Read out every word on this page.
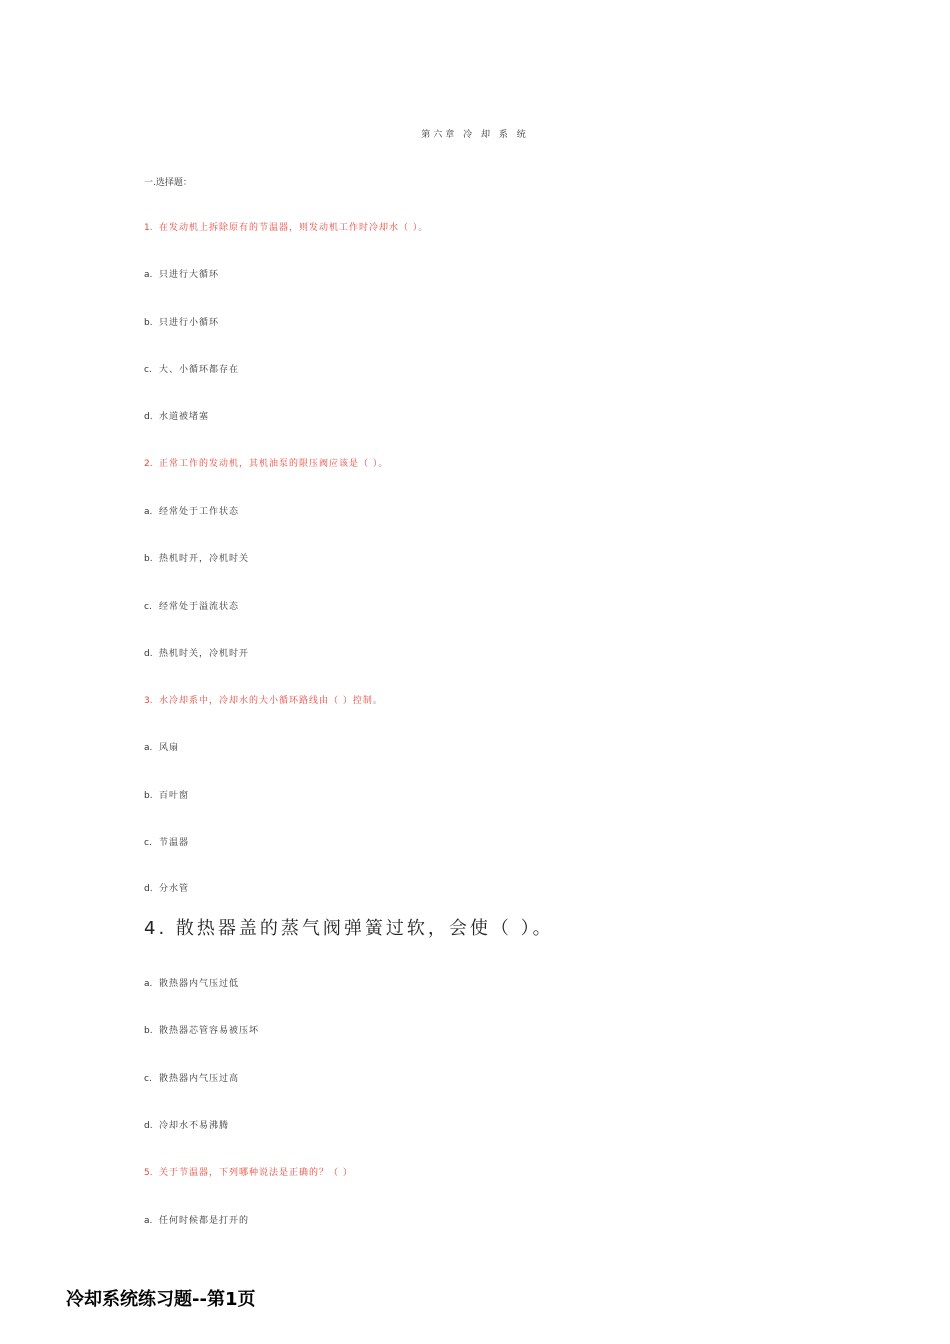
第六章 冷 却 系 统
一.选择题：
1. 在发动机上拆除原有的节温器，则发动机工作时冷却水（ ）。
a. 只进行大循环
b. 只进行小循环
c. 大、小循环都存在
d. 水道被堵塞
2. 正常工作的发动机，其机油泵的限压阀应该是（ ）。
a. 经常处于工作状态
b. 热机时开，冷机时关
c. 经常处于溢流状态
d. 热机时关，冷机时开
3. 水冷却系中，冷却水的大小循环路线由（ ）控制。
a. 风扇
b. 百叶窗
c. 节温器
d. 分水管
4. 散热器盖的蒸气阀弹簧过软，会使（ ）。
a. 散热器内气压过低
b. 散热器芯管容易被压坏
c. 散热器内气压过高
d. 冷却水不易沸腾
5. 关于节温器，下列哪种说法是正确的？（ ）
a. 任何时候都是打开的
冷却系统练习题--第1页
